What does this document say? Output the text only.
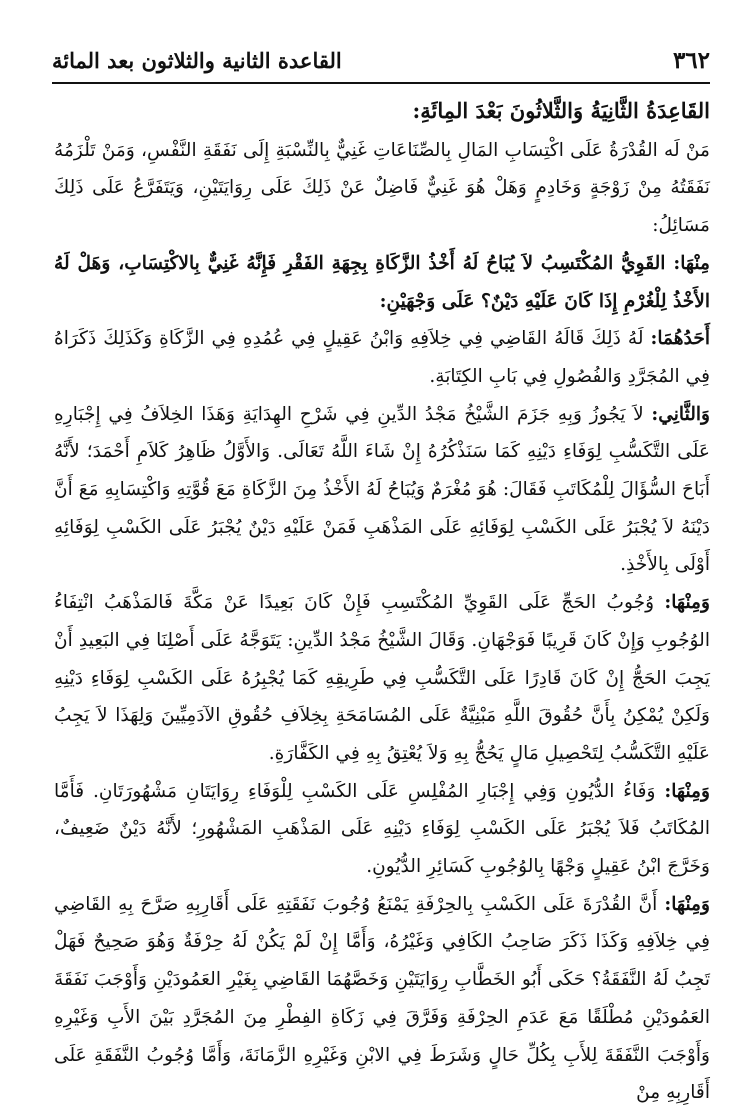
٣٦٢
القاعدة الثانية والثلاثون بعد المائة

القَاعِدَةُ الثَّانِيَةُ وَالثَّلاثُونَ بَعْدَ المِائَةِ:

مَنْ لَه القُدْرَةُ عَلَى اكْتِسَابِ المَالِ بِالصِّنَاعَاتِ غَنِيٌّ بِالنِّسْبَةِ إِلَى نَفَقَةِ النَّفْسِ، وَمَنْ تَلْزَمُهُ نَفَقَتُهُ مِنْ زَوْجَةٍ وَخَادِمٍ وَهَلْ هُوَ غَنِيٌّ فَاضِلٌ عَنْ ذَلِكَ عَلَى رِوَايَتَيْنِ، وَيَتَفَرَّعُ عَلَى ذَلِكَ مَسَائِلُ:

مِنْهَا: القَوِيُّ المُكْتَسِبُ لاَ يُبَاحُ لَهُ أَخْذُ الزَّكَاةِ بِجِهَةِ الفَقْرِ فَإِنَّهُ غَنِيٌّ بِالاكْتِسَابِ، وَهَلْ لَهُ الأَخْذُ لِلْغُرْمِ إِذَا كَانَ عَلَيْهِ دَيْنٌ؟ عَلَى وَجْهَيْنِ:

أَحَدُهُمَا: لَهُ ذَلِكَ قَالَهُ القَاضِي فِي خِلاَفِهِ وَابْنُ عَقِيلٍ فِي عُمُدِهِ فِي الزَّكَاةِ وَكَذَلِكَ ذَكَرَاهُ فِي المُجَرَّدِ وَالفُصُولِ فِي بَابِ الكِتَابَةِ.

وَالثَّانِي: لاَ يَجُوزُ وَبِهِ جَزَمَ الشَّيْخُ مَجْدُ الدِّينِ فِي شَرْحِ الهِدَايَةِ وَهَذَا الخِلاَفُ فِي إِجْبَارِهِ عَلَى التَّكَسُّبِ لِوَفَاءِ دَيْنِهِ كَمَا سَنَذْكُرُهُ إِنْ شَاءَ اللَّهُ تَعَالَى. وَالأَوَّلُ ظَاهِرُ كَلاَمِ أَحْمَدَ؛ لأَنَّهُ أَبَاحَ السُّؤَالَ لِلْمُكَاتَبِ فَقَالَ: هُوَ مُغْرَمٌ وَيُبَاحُ لَهُ الأَخْذُ مِنَ الزَّكَاةِ مَعَ قُوَّتِهِ وَاكْتِسَابِهِ مَعَ أَنَّ دَيْنَهُ لاَ يُجْبَرُ عَلَى الكَسْبِ لِوَفَائِهِ عَلَى المَذْهَبِ فَمَنْ عَلَيْهِ دَيْنٌ يُجْبَرُ عَلَى الكَسْبِ لِوَفَائِهِ أَوْلَى بِالأَخْذِ.

وَمِنْهَا: وُجُوبُ الحَجِّ عَلَى القَوِيِّ المُكْتَسِبِ فَإِنْ كَانَ بَعِيدًا عَنْ مَكَّةَ فَالمَذْهَبُ انْتِفَاءُ الوُجُوبِ وَإِنْ كَانَ قَرِيبًا فَوَجْهَانِ. وَقَالَ الشَّيْخُ مَجْدُ الدِّينِ: يَتَوَجَّهُ عَلَى أَصْلِنَا فِي البَعِيدِ أَنْ يَجِبَ الحَجُّ إِنْ كَانَ قَادِرًا عَلَى التَّكَسُّبِ فِي طَرِيقِهِ كَمَا يُجْبِرُهُ عَلَى الكَسْبِ لِوَفَاءِ دَيْنِهِ وَلَكِنْ يُمْكِنُ بِأَنَّ حُقُوقَ اللَّهِ مَبْنِيَّةٌ عَلَى المُسَامَحَةِ بِخِلاَفِ حُقُوقِ الآدَمِيِّينَ وَلِهَذَا لاَ يَجِبُ عَلَيْهِ التَّكَسُّبُ لِتَحْصِيلِ مَالٍ يَحُجُّ بِهِ وَلاَ يُعْتِقُ بِهِ فِي الكَفَّارَةِ.

وَمِنْهَا: وَفَاءُ الدُّيُونِ وَفِي إِجْبَارِ المُفْلِسِ عَلَى الكَسْبِ لِلْوَفَاءِ رِوَايَتَانِ مَشْهُورَتَانِ. فَأَمَّا المُكَاتَبُ فَلاَ يُجْبَرُ عَلَى الكَسْبِ لِوَفَاءِ دَيْنِهِ عَلَى المَذْهَبِ المَشْهُورِ؛ لأَنَّهُ دَيْنٌ ضَعِيفٌ، وَخَرَّجَ ابْنُ عَقِيلٍ وَجْهًا بِالوُجُوبِ كَسَائِرِ الدُّيُونِ.

وَمِنْهَا: أَنَّ القُدْرَةَ عَلَى الكَسْبِ بِالحِرْفَةِ يَمْنَعُ وُجُوبَ نَفَقَتِهِ عَلَى أَقَارِبِهِ صَرَّحَ بِهِ القَاضِي فِي خِلاَفِهِ وَكَذَا ذَكَرَ صَاحِبُ الكَافِي وَغَيْرُهُ، وَأَمَّا إِنْ لَمْ يَكُنْ لَهُ حِرْفَةٌ وَهُوَ صَحِيحٌ فَهَلْ تَجِبُ لَهُ النَّفَقَةُ؟ حَكَى أَبُو الخَطَّابِ رِوَايَتَيْنِ وَخَصَّهُمَا القَاضِي بِغَيْرِ العَمُودَيْنِ وَأَوْجَبَ نَفَقَةَ العَمُودَيْنِ مُطْلَقًا مَعَ عَدَمِ الحِرْفَةِ وَفَرَّقَ فِي زَكَاةِ الفِطْرِ مِنَ المُجَرَّدِ بَيْنَ الأَبِ وَغَيْرِهِ وَأَوْجَبَ النَّفَقَةَ لِلأَبِ بِكُلِّ حَالٍ وَشَرَطَ فِي الابْنِ وَغَيْرِهِ الزَّمَانَةَ، وَأَمَّا وُجُوبُ النَّفَقَةِ عَلَى أَقَارِبِهِ مِنْ
